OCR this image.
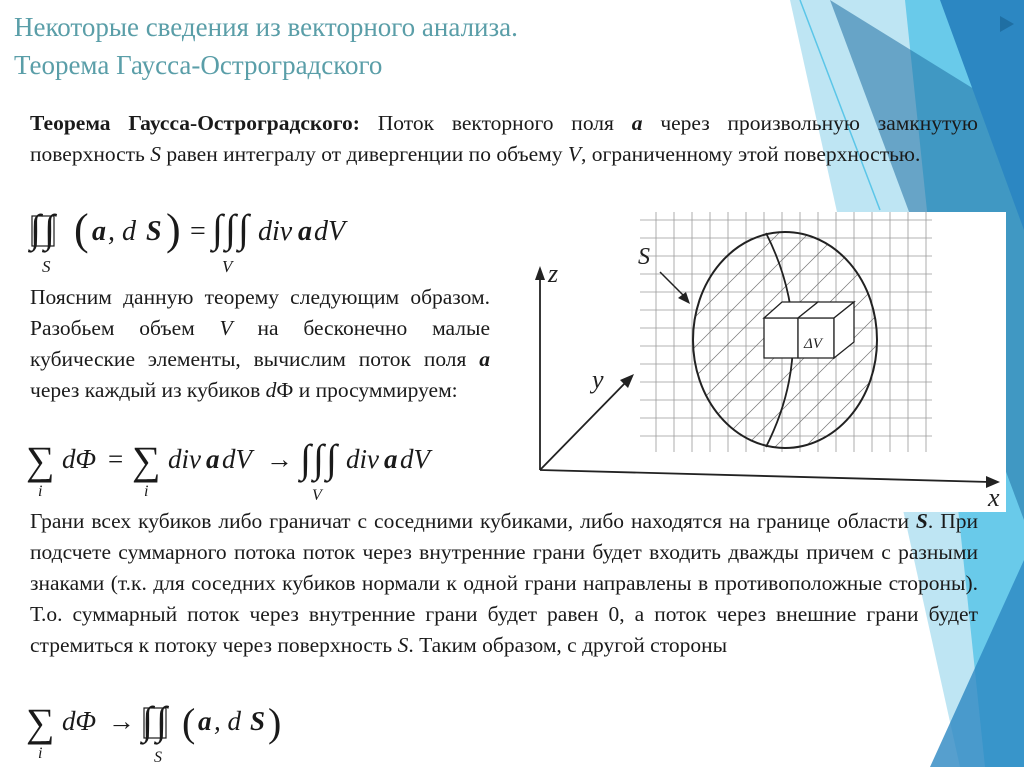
Некоторые сведения из векторного анализа.
Теорема Гаусса-Остроградского
Теорема Гаусса-Остроградского: Поток векторного поля a через произвольную замкнутую поверхность S равен интегралу от дивергенции по объему V, ограниченному этой поверхностью.
∫ ∫ ( a , d S ) = ∫ ∫ ∫ div a dV
S	V
Поясним данную теорему следующим образом. Разобьем объем V на бесконечно малые кубические элементы, вычислим поток поля a через каждый из кубиков dФ и просуммируем:
∑ dΦ = ∑ div a dV → ∫ ∫ ∫ div a dV
i	i	V
ΔV
S
z
y
x
Грани всех кубиков либо граничат с соседними кубиками, либо находятся на границе области S. При подсчете суммарного потока поток через внутренние грани будет входить дважды причем с разными знаками (т.к. для соседних кубиков нормали к одной грани направлены в противоположные стороны). Т.о. суммарный поток через внутренние грани будет равен 0, а поток через внешние грани будет стремиться к потоку через поверхность S. Таким образом, с другой стороны
∑ dΦ → ∫ ∫ ( a , d S )
i	S
